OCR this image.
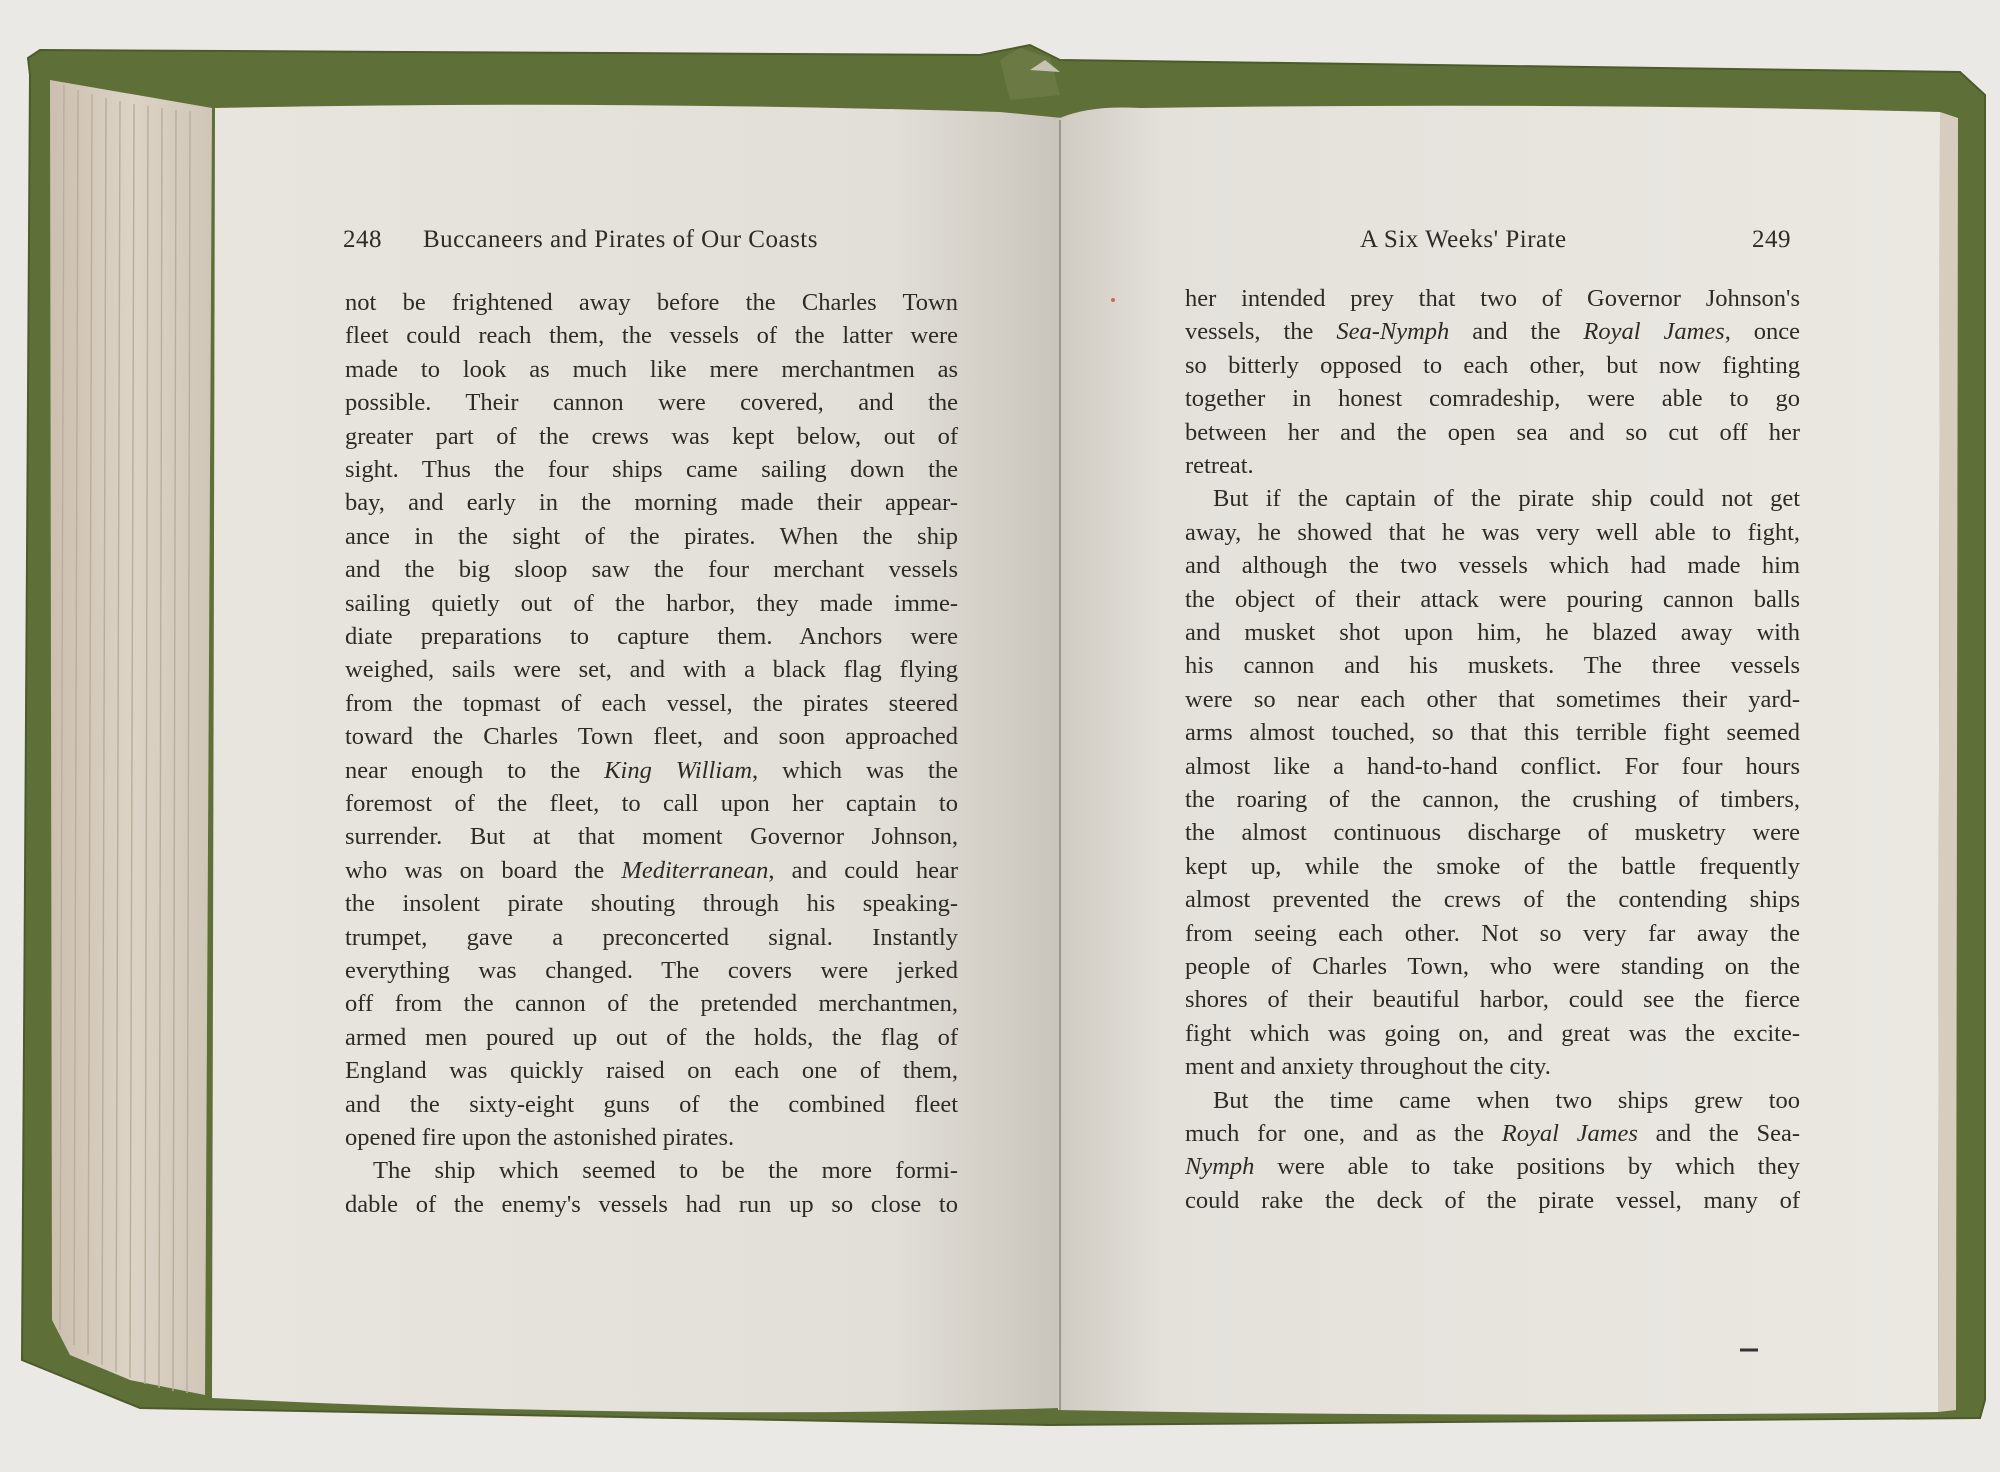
248 Buccaneers and Pirates of Our Coasts
not be frightened away before the Charles Town
fleet could reach them, the vessels of the latter were
made to look as much like mere merchantmen as
possible. Their cannon were covered, and the
greater part of the crews was kept below, out of
sight. Thus the four ships came sailing down the
bay, and early in the morning made their appear-
ance in the sight of the pirates. When the ship
and the big sloop saw the four merchant vessels
sailing quietly out of the harbor, they made imme-
diate preparations to capture them. Anchors were
weighed, sails were set, and with a black flag flying
from the topmast of each vessel, the pirates steered
toward the Charles Town fleet, and soon approached
near enough to the King William, which was the
foremost of the fleet, to call upon her captain to
surrender. But at that moment Governor Johnson,
who was on board the Mediterranean, and could hear
the insolent pirate shouting through his speaking-
trumpet, gave a preconcerted signal. Instantly
everything was changed. The covers were jerked
off from the cannon of the pretended merchantmen,
armed men poured up out of the holds, the flag of
England was quickly raised on each one of them,
and the sixty-eight guns of the combined fleet
opened fire upon the astonished pirates.
The ship which seemed to be the more formi-
dable of the enemy's vessels had run up so close to
A Six Weeks' Pirate	249
her intended prey that two of Governor Johnson's
vessels, the Sea-Nymph and the Royal James, once
so bitterly opposed to each other, but now fighting
together in honest comradeship, were able to go
between her and the open sea and so cut off her
retreat.
But if the captain of the pirate ship could not get
away, he showed that he was very well able to fight,
and although the two vessels which had made him
the object of their attack were pouring cannon balls
and musket shot upon him, he blazed away with
his cannon and his muskets. The three vessels
were so near each other that sometimes their yard-
arms almost touched, so that this terrible fight seemed
almost like a hand-to-hand conflict. For four hours
the roaring of the cannon, the crushing of timbers,
the almost continuous discharge of musketry were
kept up, while the smoke of the battle frequently
almost prevented the crews of the contending ships
from seeing each other. Not so very far away the
people of Charles Town, who were standing on the
shores of their beautiful harbor, could see the fierce
fight which was going on, and great was the excite-
ment and anxiety throughout the city.
But the time came when two ships grew too
much for one, and as the Royal James and the Sea-
Nymph were able to take positions by which they
could rake the deck of the pirate vessel, many of
